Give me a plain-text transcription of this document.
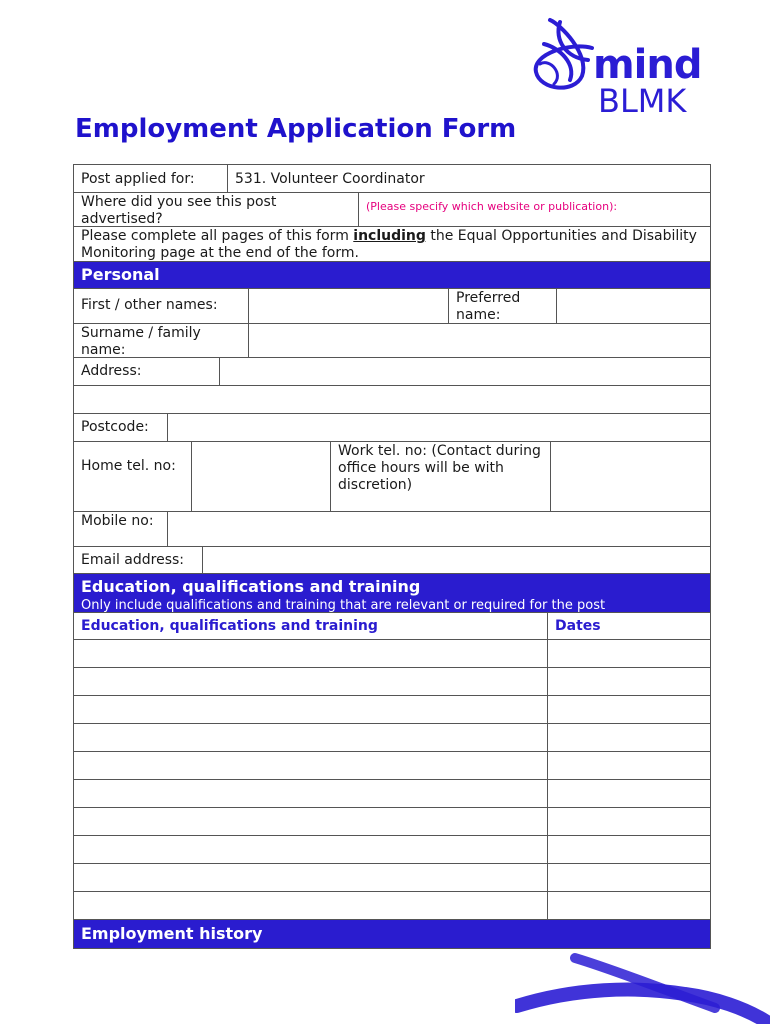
mind
BLMK
Employment Application Form
Post applied for:	531. Volunteer Coordinator
Where did you see this post advertised?
(Please specify which website or publication):
Please complete all pages of this form including the Equal Opportunities and Disability Monitoring page at the end of the form.
Personal
First / other names:	Preferred name:
Surname / family name:
Address:
Postcode:
Home tel. no:
Work tel. no: (Contact during office hours will be with discretion)
Mobile no:
Email address:
Education, qualifications and training
Only include qualifications and training that are relevant or required for the post
Education, qualifications and training	Dates
Employment history
